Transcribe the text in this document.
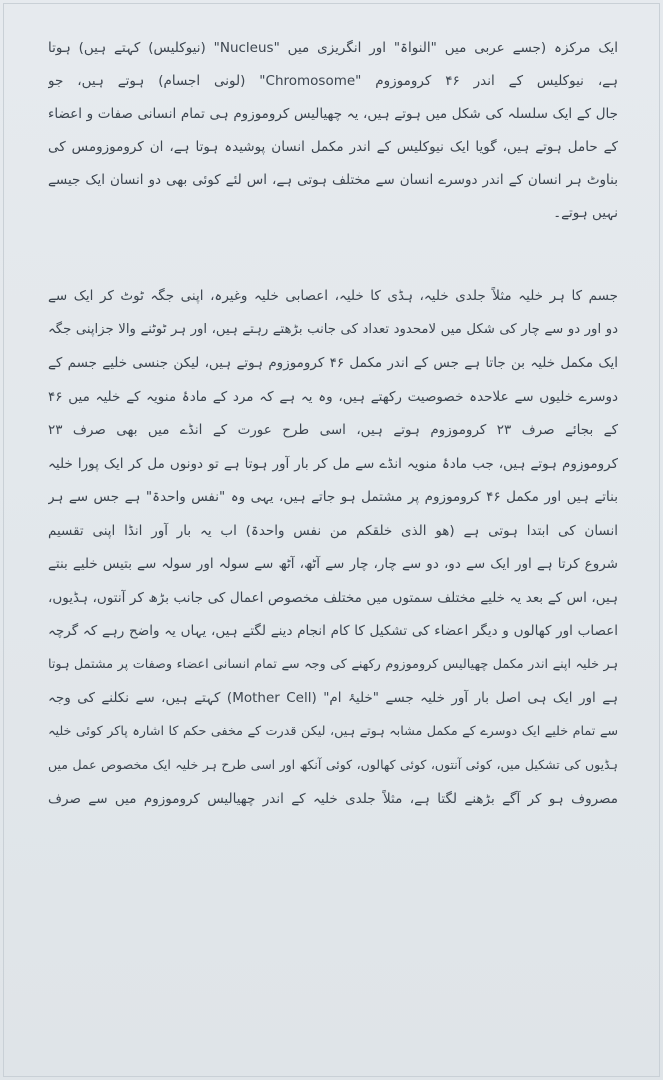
ایک مرکزہ (جسے عربی میں "النواۃ" اور انگریزی میں "Nucleus" (نیوکلیس) کہتے ہیں) ہوتا
ہے، نیوکلیس کے اندر ۴۶ کروموزوم "Chromosome" (لونی اجسام) ہوتے ہیں، جو
جال کے ایک سلسلہ کی شکل میں ہوتے ہیں، یہ چھیالیس کروموزوم ہی تمام انسانی صفات و اعضاء
کے حامل ہوتے ہیں، گویا ایک نیوکلیس کے اندر مکمل انسان پوشیدہ ہوتا ہے، ان کروموزومس کی
بناوٹ ہر انسان کے اندر دوسرے انسان سے مختلف ہوتی ہے، اس لئے کوئی بھی دو انسان ایک جیسے
نہیں ہوتے۔
جسم کا ہر خلیہ مثلاً جلدی خلیہ، ہڈی کا خلیہ، اعصابی خلیہ وغیرہ، اپنی جگہ ٹوٹ کر ایک سے
دو اور دو سے چار کی شکل میں لامحدود تعداد کی جانب بڑھتے رہتے ہیں، اور ہر ٹوٹنے والا جزاپنی جگہ
ایک مکمل خلیہ بن جاتا ہے جس کے اندر مکمل ۴۶ کروموزوم ہوتے ہیں، لیکن جنسی خلیے جسم کے
دوسرے خلیوں سے علاحدہ خصوصیت رکھتے ہیں، وہ یہ ہے کہ مرد کے مادۂ منویہ کے خلیہ میں ۴۶
کے بجائے صرف ۲۳ کروموزوم ہوتے ہیں، اسی طرح عورت کے انڈے میں بھی صرف ۲۳
کروموزوم ہوتے ہیں، جب مادۂ منویہ انڈے سے مل کر بار آور ہوتا ہے تو دونوں مل کر ایک پورا خلیہ
بناتے ہیں اور مکمل ۴۶ کروموزوم پر مشتمل ہو جاتے ہیں، یہی وہ "نفس واحدۃ" ہے جس سے ہر
انسان کی ابتدا ہوتی ہے (ھو الذی خلقکم من نفس واحدۃ) اب یہ بار آور انڈا اپنی تقسیم
شروع کرتا ہے اور ایک سے دو، دو سے چار، چار سے آٹھ، آٹھ سے سولہ اور سولہ سے بتیس خلیے بنتے
ہیں، اس کے بعد یہ خلیے مختلف سمتوں میں مختلف مخصوص اعمال کی جانب بڑھ کر آنتوں، ہڈیوں،
اعصاب اور کھالوں و دیگر اعضاء کی تشکیل کا کام انجام دینے لگتے ہیں، یہاں یہ واضح رہے کہ گرچہ
ہر خلیہ اپنے اندر مکمل چھیالیس کروموزوم رکھنے کی وجہ سے تمام انسانی اعضاء وصفات پر مشتمل ہوتا
ہے اور ایک ہی اصل بار آور خلیہ جسے "خلیۂ ام" (Mother Cell) کہتے ہیں، سے نکلنے کی وجہ
سے تمام خلیے ایک دوسرے کے مکمل مشابہ ہوتے ہیں، لیکن قدرت کے مخفی حکم کا اشارہ پاکر کوئی خلیہ
ہڈیوں کی تشکیل میں، کوئی آنتوں، کوئی کھالوں، کوئی آنکھ اور اسی طرح ہر خلیہ ایک مخصوص عمل میں
مصروف ہو کر آگے بڑھنے لگتا ہے، مثلاً جلدی خلیہ کے اندر چھیالیس کروموزوم میں سے صرف
